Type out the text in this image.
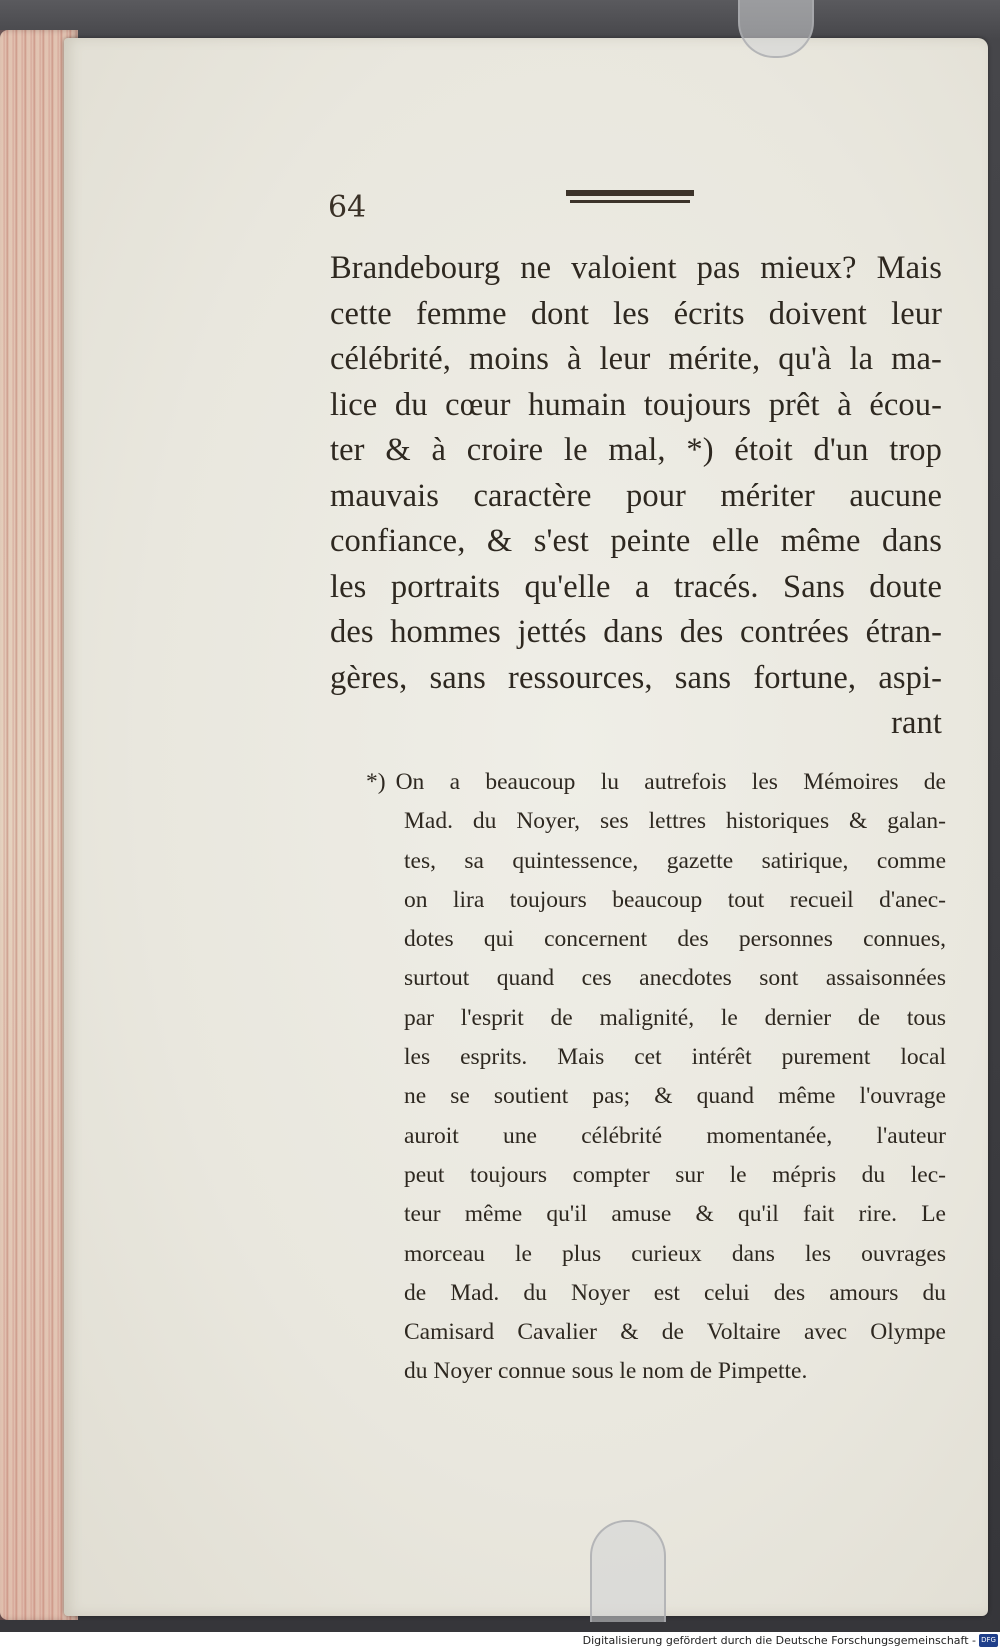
64
Brandebourg ne valoient pas mieux? Mais
cette femme dont les écrits doivent leur
célébrité, moins à leur mérite, qu'à la ma-
lice du cœur humain toujours prêt à écou-
ter & à croire le mal, *) étoit d'un trop
mauvais caractère pour mériter aucune
confiance, & s'est peinte elle même dans
les portraits qu'elle a tracés. Sans doute
des hommes jettés dans des contrées étran-
gères, sans ressources, sans fortune, aspi-
rant
*) On a beaucoup lu autrefois les Mémoires de
Mad. du Noyer, ses lettres historiques & galan-
tes, sa quintessence, gazette satirique, comme
on lira toujours beaucoup tout recueil d'anec-
dotes qui concernent des personnes connues,
surtout quand ces anecdotes sont assaisonnées
par l'esprit de malignité, le dernier de tous
les esprits. Mais cet intérêt purement local
ne se soutient pas; & quand même l'ouvrage
auroit une célébrité momentanée, l'auteur
peut toujours compter sur le mépris du lec-
teur même qu'il amuse & qu'il fait rire. Le
morceau le plus curieux dans les ouvrages
de Mad. du Noyer est celui des amours du
Camisard Cavalier & de Voltaire avec Olympe
du Noyer connue sous le nom de Pimpette.
Digitalisierung gefördert durch die Deutsche Forschungsgemeinschaft - DFG
